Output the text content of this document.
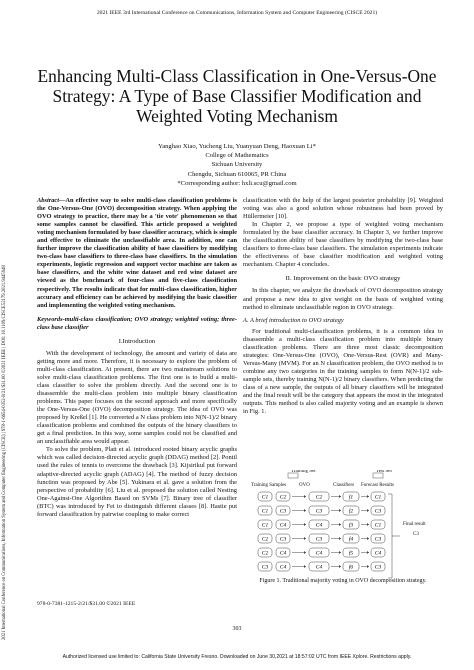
2021 IEEE 3rd International Conference on Communications, Information System and Computer Engineering (CISCE 2021)
Enhancing Multi-Class Classification in One-Versus-One Strategy: A Type of Base Classifier Modification and Weighted Voting Mechanism
Yanghao Xiao, Yucheng Liu, Yuanyuan Deng, Haoxuan Li*
College of Mathematics
Sichuan University
Chengdu, Sichuan 610065, PR China
*Corresponding author: hxli.scu@gmail.com
2021 International Conference on Communications, Information System and Computer Engineering (CISCE) | 978-1-6654-0352-8/21/$31.00 ©2021 IEEE | DOI: 10.1109/CISCE52179.2021.9445948
Abstract—An effective way to solve multi-class classification problems is the One-Versus-One (OVO) decomposition strategy. When applying the OVO strategy to practice, there may be a 'tie vote' phenomenon so that some samples cannot be classified. This article proposed a weighted voting mechanism formulated by base classifier accuracy, which is simple and effective to eliminate the unclassifiable area. In addition, one can further improve the classification ability of base classifiers by modifying two-class base classifiers to three-class base classifiers. In the simulation experiments, logistic regression and support vector machine are taken as base classifiers, and the white wine dataset and red wine dataset are viewed as the benchmark of four-class and five-class classification respectively. The results indicate that for multi-class classification, higher accuracy and efficiency can be achieved by modifying the basic classifier and implementing the weighted voting mechanism.
Keywords-multi-class classification; OVO strategy; weighted voting; three-class base classifier
I.Introduction

With the development of technology, the amount and variety of data are getting more and more. Therefore, it is necessary to explore the problem of multi-class classification. At present, there are two mainstream solutions to solve multi-class classification problems. The first one is to build a multi-class classifier to solve the problem directly. And the second one is to disassemble the multi-class problem into multiple binary classification problems. This paper focuses on the second approach and more specifically the One-Versus-One (OVO) decomposition strategy. The idea of OVO was proposed by Kreßel [1]. He converted a N class problem into N(N-1)/2 binary classification problems and combined the outputs of the binary classifiers to get a final prediction. In this way, some samples could not be classified and an unclassifiable area would appear.

To solve the problem, Platt et al. introduced rooted binary acyclic graphs which was called decision-directed acyclic graph (DDAG) method [2]. Pontil used the rules of tennis to overcome the drawback [3]. Kijsirikul put forward adaptive-directed acyclic graph (ADAG) [4]. The method of fuzzy decision function was proposed by Abe [5]. Yukinara et al. gave a solution from the perspective of probability [6]. Liu et al. proposed the solution called Nesting One-Against-One Algorithm Based on SVMs [7]. Binary tree of classifier (BTC) was introduced by Fei to distinguish different classes [8]. Hastie put forward classification by pairwise coupling to make correct

classification with the help of the largest posterior probability [9]. Weighted voting was also a good solution whose robustness had been proved by Hüllermeier [10].

In Chapter 2, we propose a type of weighted voting mechanism formulated by the base classifier accuracy. In Chapter 3, we further improve the classification ability of base classifiers by modifying the two-class base classifiers to three-class base classifiers. The simulation experiments indicate the effectiveness of base classifier modification and weighted voting mechanism. Chapter 4 concludes.

II. Improvement on the basic OVO strategy

In this chapter, we analyze the drawback of OVO decomposition strategy and propose a new idea to give weight on the basis of weighted voting method to eliminate unclassifiable region in OVO strategy.

A. A brief introduction to OVO strategy

For traditional multi-classification problems, it is a common idea to disassemble a multi-class classification problem into multiple binary classification problems. There are three most classic decomposition strategies: One-Versus-One (OVO), One-Versus-Rest (OVR) and Many-Versus-Many (MVM). For an N classification problem, the OVO method is to combine any two categories in the training samples to form N(N-1)/2 sub-sample sets, thereby training N(N-1)/2 binary classifiers. When predicting the class of a new sample, the outputs of all binary classifiers will be integrated and the final result will be the category that appears the most in the integrated outputs. This method is also called majority voting and an example is shown in Fig. 1.

Training Set	Test Set
Training Samples	OVO	Classifiers Forecast Results
C1 C2	C2	f1	C1
C1 C3	C3	f2	C3
C1 C4	C4	f3	C1
C2 C3	C3	f4	C3
C2 C4	C4	f5	C4
C3 C4	C4	f6	C3
Final result
C3
Figure 1. Traditional majority voting in OVO decomposition strategy.
978-0-7381-1215-2/21/$31.00 ©2021 IEEE
303
Authorized licensed use limited to: California State University Fresno. Downloaded on June 30,2021 at 18:57:02 UTC from IEEE Xplore. Restrictions apply.
